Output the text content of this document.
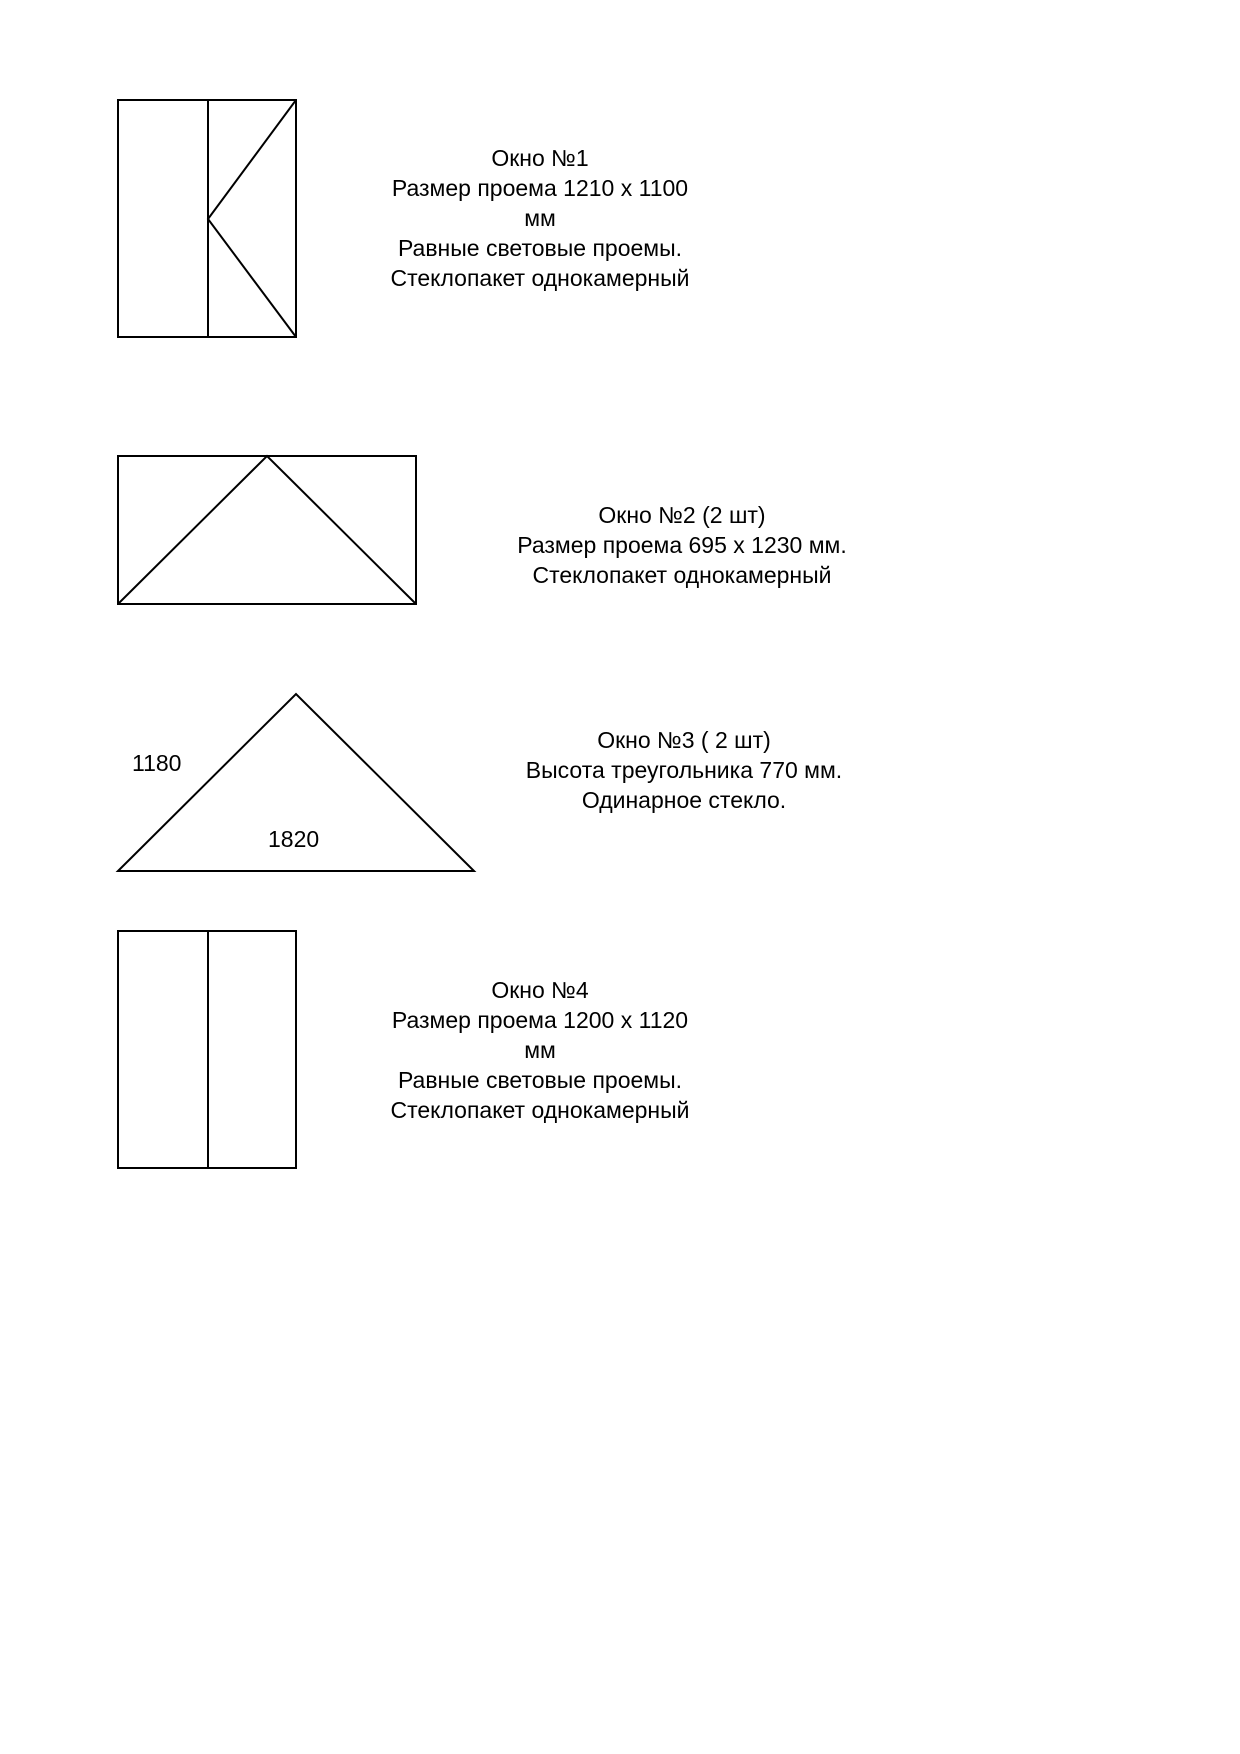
Окно №1
Размер проема 1210 х 1100
мм
Равные световые проемы.
Стеклопакет однокамерный
Окно №2 (2 шт)
Размер проема 695 х 1230 мм.
Стеклопакет однокамерный
Окно №3 ( 2 шт)
Высота треугольника 770 мм.
Одинарное стекло.
1180
1820
Окно №4
Размер проема 1200 х 1120
мм
Равные световые проемы.
Стеклопакет однокамерный
